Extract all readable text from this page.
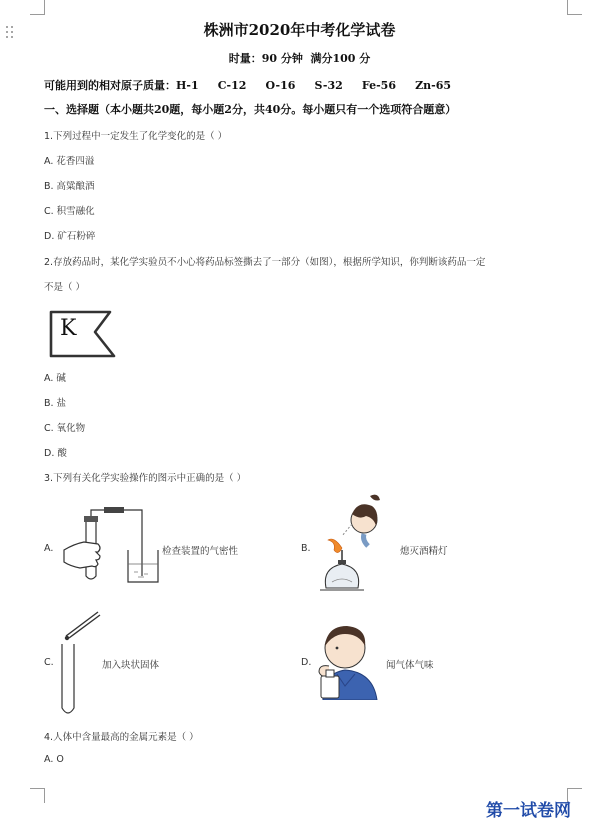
株洲市2020年中考化学试卷
时量：90 分钟  满分100 分
可能用到的相对原子质量：H-1     C-12     O-16     S-32     Fe-56     Zn-65
一、选择题（本小题共20题，每小题2分，共40分。每小题只有一个选项符合题意）
1.下列过程中一定发生了化学变化的是（ ）
A. 花香四溢
B. 高粱酿酒
C. 积雪融化
D. 矿石粉碎
2.存放药品时，某化学实验员不小心将药品标签撕去了一部分（如图），根据所学知识，你判断该药品一定
不是（ ）
K
A. 碱
B. 盐
C. 氧化物
D. 酸
3.下列有关化学实验操作的图示中正确的是（ ）
A.	检查装置的气密性	B.	熄灭酒精灯
C.	加入块状固体	D.	闻气体气味
4.人体中含量最高的金属元素是（ ）
A. O
第一试卷网
